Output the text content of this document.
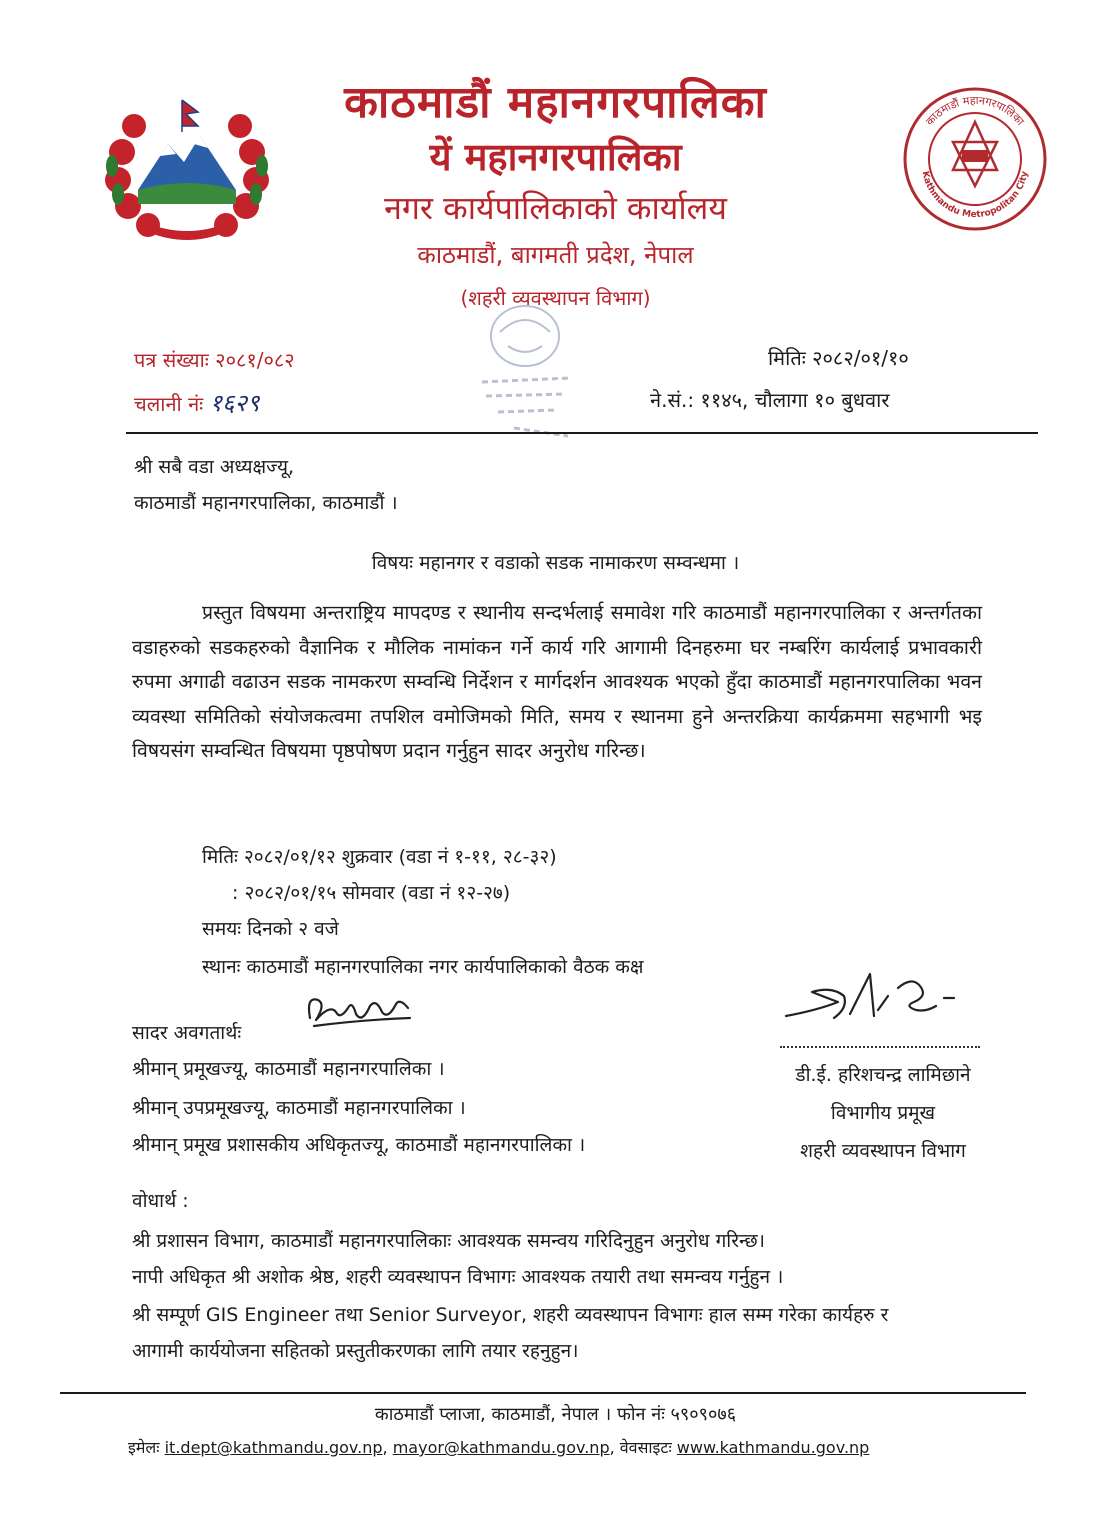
काठमाडौं महानगरपालिका
यें महानगरपालिका
नगर कार्यपालिकाको कार्यालय
काठमाडौं, बागमती प्रदेश, नेपाल
(शहरी व्यवस्थापन विभाग)
काठमाडौं महानगरपालिका
Kathmandu Metropolitan City
पत्र संख्याः २०८१/०८२
चलानी नंः १६२९
मितिः २०८२/०१/१०
ने.सं.: ११४५, चौलागा १० बुधवार
श्री सबै वडा अध्यक्षज्यू,
काठमाडौं महानगरपालिका, काठमाडौं ।
विषयः महानगर र वडाको सडक नामाकरण सम्वन्धमा ।
प्रस्तुत विषयमा अन्तराष्ट्रिय मापदण्ड र स्थानीय सन्दर्भलाई समावेश गरि काठमाडौं महानगरपालिका र अन्तर्गतका वडाहरुको सडकहरुको वैज्ञानिक र मौलिक नामांकन गर्ने कार्य गरि आगामी दिनहरुमा घर नम्बरिंग कार्यलाई प्रभावकारी रुपमा अगाढी वढाउन सडक नामकरण सम्वन्धि निर्देशन र मार्गदर्शन आवश्यक भएको हुँदा काठमाडौं महानगरपालिका भवन व्यवस्था समितिको संयोजकत्वमा तपशिल वमोजिमको मिति, समय र स्थानमा हुने अन्तरक्रिया कार्यक्रममा सहभागी भइ विषयसंग सम्वन्धित विषयमा पृष्ठपोषण प्रदान गर्नुहुन सादर अनुरोध गरिन्छ।
मितिः २०८२/०१/१२ शुक्रवार (वडा नं १-११, २८-३२)
: २०८२/०१/१५ सोमवार (वडा नं १२-२७)
समयः दिनको २ वजे
स्थानः काठमाडौं महानगरपालिका नगर कार्यपालिकाको वैठक कक्ष
सादर अवगतार्थः
श्रीमान् प्रमूखज्यू, काठमाडौं महानगरपालिका ।
श्रीमान् उपप्रमूखज्यू, काठमाडौं महानगरपालिका ।
श्रीमान् प्रमूख प्रशासकीय अधिकृतज्यू, काठमाडौं महानगरपालिका ।
डी.ई. हरिशचन्द्र लामिछाने
विभागीय प्रमूख
शहरी व्यवस्थापन विभाग
वोधार्थ :
श्री प्रशासन विभाग, काठमाडौं महानगरपालिकाः आवश्यक समन्वय गरिदिनुहुन अनुरोध गरिन्छ।
नापी अधिकृत श्री अशोक श्रेष्ठ, शहरी व्यवस्थापन विभागः आवश्यक तयारी तथा समन्वय गर्नुहुन ।
श्री सम्पूर्ण GIS Engineer तथा Senior Surveyor, शहरी व्यवस्थापन विभागः हाल सम्म गरेका कार्यहरु र
आगामी कार्ययोजना सहितको प्रस्तुतीकरणका लागि तयार रहनुहुन।
काठमाडौं प्लाजा, काठमाडौं, नेपाल । फोन नंः ५९०९०७६
इमेलः it.dept@kathmandu.gov.np, mayor@kathmandu.gov.np, वेवसाइटः www.kathmandu.gov.np
